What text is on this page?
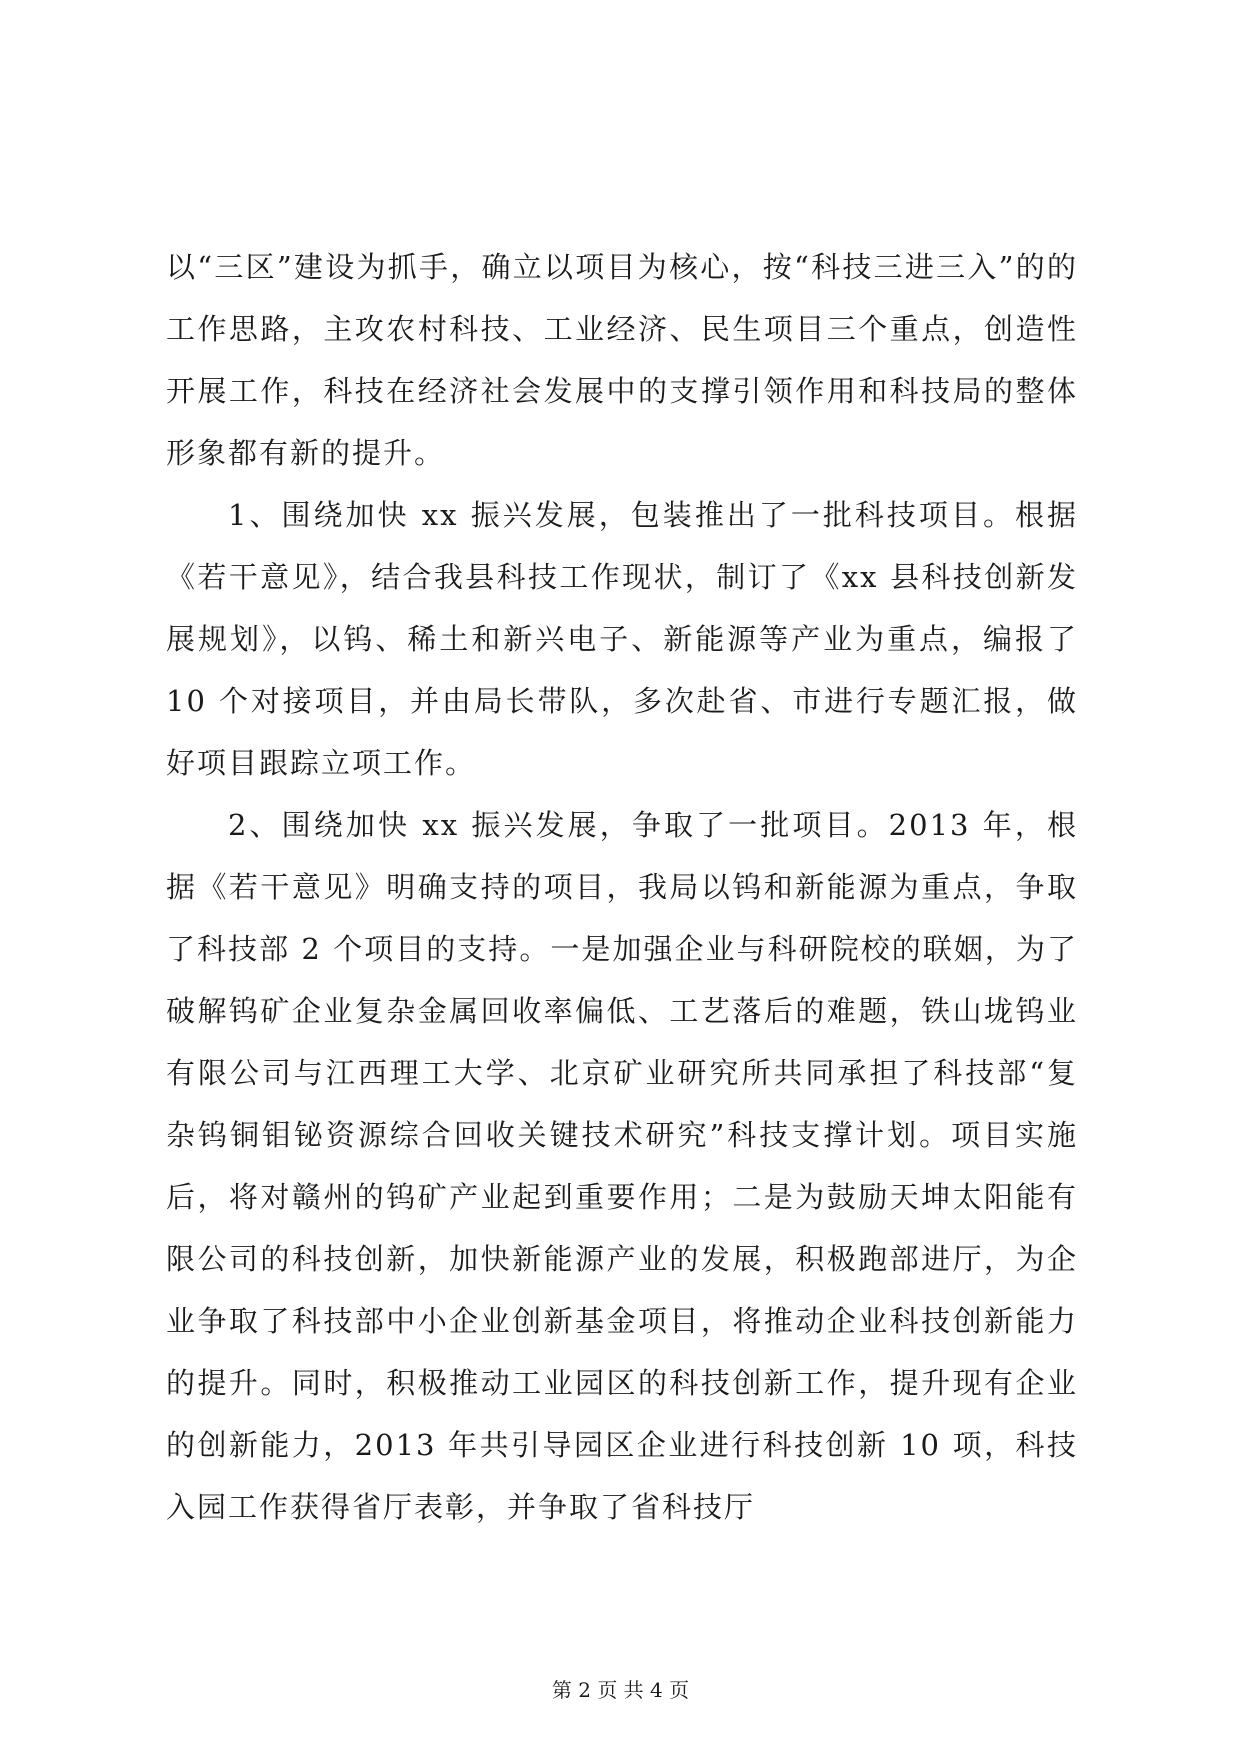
以“三区”建设为抓手，确立以项目为核心，按“科技三进三入”的的工作思路，主攻农村科技、工业经济、民生项目三个重点，创造性开展工作，科技在经济社会发展中的支撑引领作用和科技局的整体形象都有新的提升。

1、围绕加快 xx 振兴发展，包装推出了一批科技项目。根据《若干意见》，结合我县科技工作现状，制订了《xx 县科技创新发展规划》，以钨、稀土和新兴电子、新能源等产业为重点，编报了 10 个对接项目，并由局长带队，多次赴省、市进行专题汇报，做好项目跟踪立项工作。

2、围绕加快 xx 振兴发展，争取了一批项目。2013 年，根据《若干意见》明确支持的项目，我局以钨和新能源为重点，争取了科技部 2 个项目的支持。一是加强企业与科研院校的联姻，为了破解钨矿企业复杂金属回收率偏低、工艺落后的难题，铁山垅钨业有限公司与江西理工大学、北京矿业研究所共同承担了科技部“复杂钨铜钼铋资源综合回收关键技术研究”科技支撑计划。项目实施后，将对赣州的钨矿产业起到重要作用；二是为鼓励天坤太阳能有限公司的科技创新，加快新能源产业的发展，积极跑部进厅，为企业争取了科技部中小企业创新基金项目，将推动企业科技创新能力的提升。同时，积极推动工业园区的科技创新工作，提升现有企业的创新能力，2013 年共引导园区企业进行科技创新 10 项，科技入园工作获得省厅表彰，并争取了省科技厅

第 2 页 共 4 页
